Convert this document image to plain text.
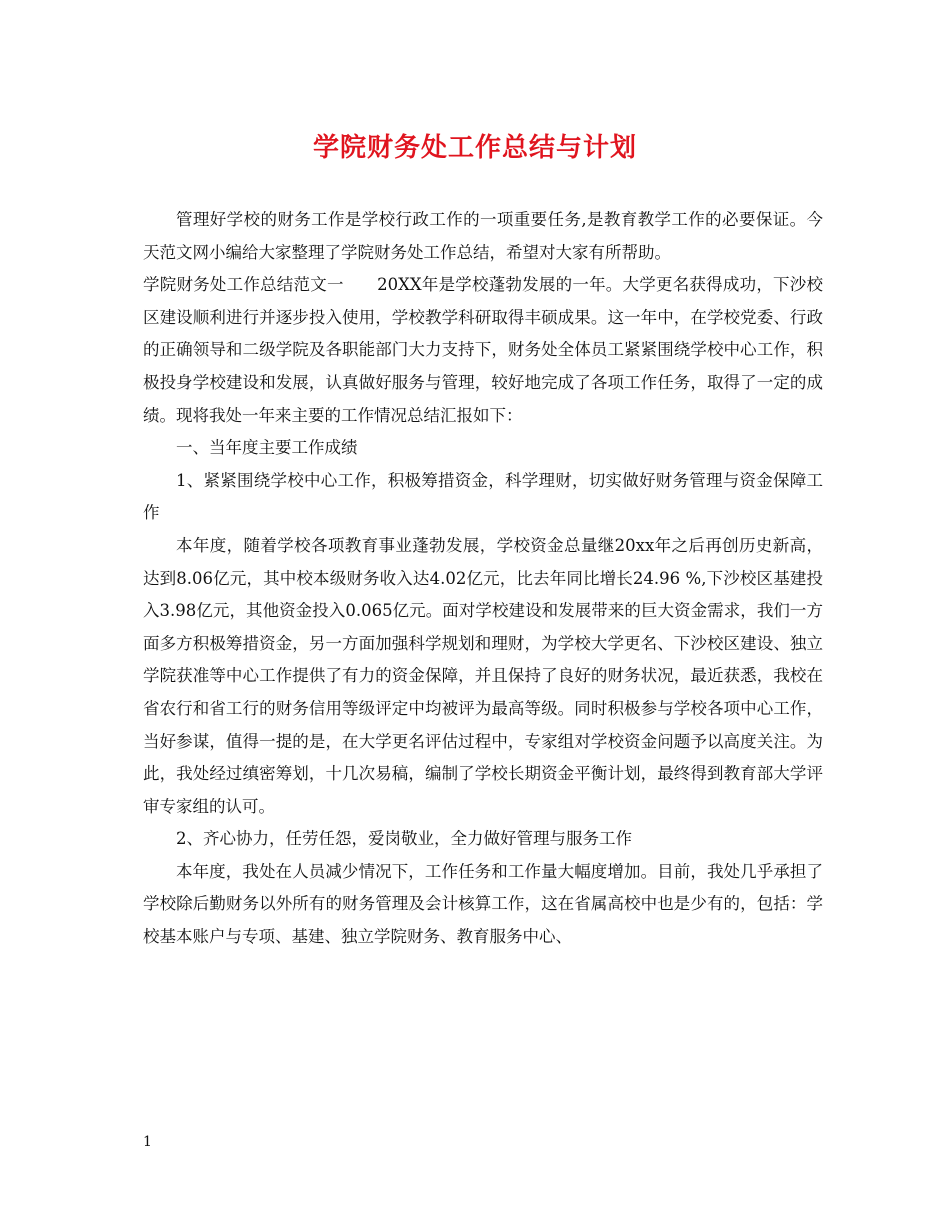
学院财务处工作总结与计划

管理好学校的财务工作是学校行政工作的一项重要任务,是教育教学工作的必要保证。今天范文网小编给大家整理了学院财务处工作总结，希望对大家有所帮助。

学院财务处工作总结范文一　　20XX年是学校蓬勃发展的一年。大学更名获得成功，下沙校区建设顺利进行并逐步投入使用，学校教学科研取得丰硕成果。这一年中，在学校党委、行政的正确领导和二级学院及各职能部门大力支持下，财务处全体员工紧紧围绕学校中心工作，积极投身学校建设和发展，认真做好服务与管理，较好地完成了各项工作任务，取得了一定的成绩。现将我处一年来主要的工作情况总结汇报如下：

一、当年度主要工作成绩

1、紧紧围绕学校中心工作，积极筹措资金，科学理财，切实做好财务管理与资金保障工作

本年度，随着学校各项教育事业蓬勃发展，学校资金总量继20xx年之后再创历史新高，达到8.06亿元，其中校本级财务收入达4.02亿元，比去年同比增长24.96 %,下沙校区基建投入3.98亿元，其他资金投入0.065亿元。面对学校建设和发展带来的巨大资金需求，我们一方面多方积极筹措资金，另一方面加强科学规划和理财，为学校大学更名、下沙校区建设、独立学院获准等中心工作提供了有力的资金保障，并且保持了良好的财务状况，最近获悉，我校在省农行和省工行的财务信用等级评定中均被评为最高等级。同时积极参与学校各项中心工作，当好参谋，值得一提的是，在大学更名评估过程中，专家组对学校资金问题予以高度关注。为此，我处经过缜密筹划，十几次易稿，编制了学校长期资金平衡计划，最终得到教育部大学评审专家组的认可。

2、齐心协力，任劳任怨，爱岗敬业，全力做好管理与服务工作

本年度，我处在人员减少情况下，工作任务和工作量大幅度增加。目前，我处几乎承担了学校除后勤财务以外所有的财务管理及会计核算工作，这在省属高校中也是少有的，包括：学校基本账户与专项、基建、独立学院财务、教育服务中心、

1
